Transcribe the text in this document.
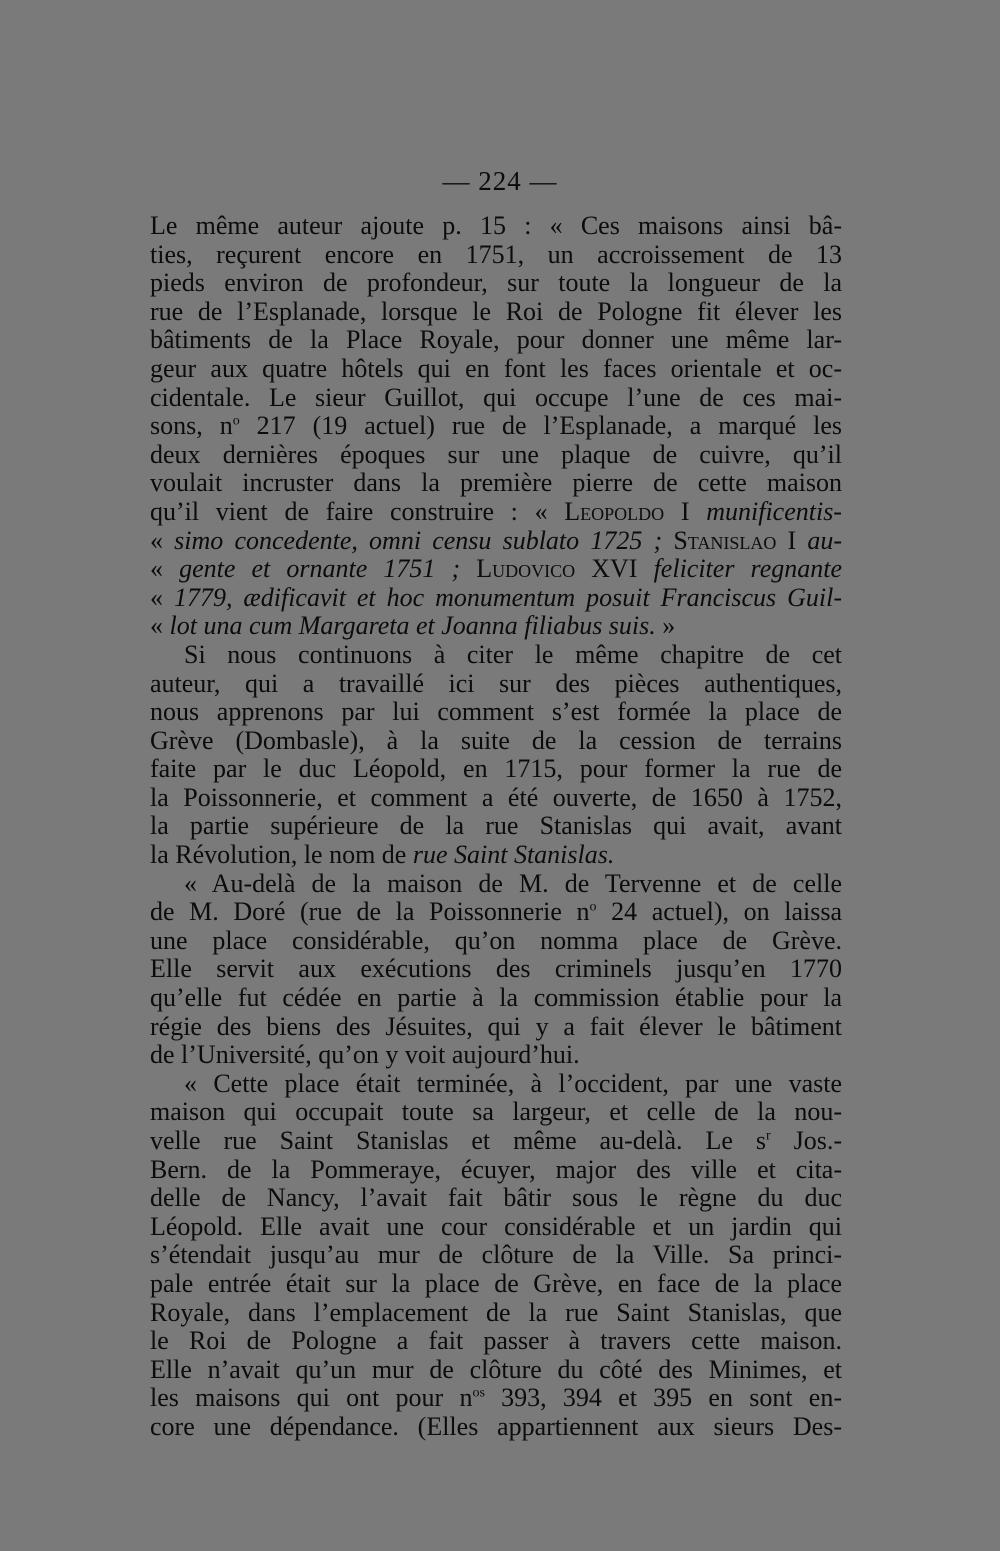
— 224 —
Le même auteur ajoute p. 15 : « Ces maisons ainsi bâ-
ties, reçurent encore en 1751, un accroissement de 13
pieds environ de profondeur, sur toute la longueur de la
rue de l’Esplanade, lorsque le Roi de Pologne fit élever les
bâtiments de la Place Royale, pour donner une même lar-
geur aux quatre hôtels qui en font les faces orientale et oc-
cidentale. Le sieur Guillot, qui occupe l’une de ces mai-
sons, $n^o$ 217 (19 actuel) rue de l’Esplanade, a marqué les
deux dernières époques sur une plaque de cuivre, qu’il
voulait incruster dans la première pierre de cette maison
qu’il vient de faire construire : « Leopoldo I munificentis-
« simo concedente, omni censu sublato 1725 ; Stanislao I au-
« gente et ornante 1751 ; Ludovico XVI feliciter regnante
« 1779, ædificavit et hoc monumentum posuit Franciscus Guil-
« lot una cum Margareta et Joanna filiabus suis. »
Si nous continuons à citer le même chapitre de cet
auteur, qui a travaillé ici sur des pièces authentiques,
nous apprenons par lui comment s’est formée la place de
Grève (Dombasle), à la suite de la cession de terrains
faite par le duc Léopold, en 1715, pour former la rue de
la Poissonnerie, et comment a été ouverte, de 1650 à 1752,
la partie supérieure de la rue Stanislas qui avait, avant
la Révolution, le nom de rue Saint Stanislas.
« Au-delà de la maison de M. de Tervenne et de celle
de M. Doré (rue de la Poissonnerie $n^o$ 24 actuel), on laissa
une place considérable, qu’on nomma place de Grève.
Elle servit aux exécutions des criminels jusqu’en 1770
qu’elle fut cédée en partie à la commission établie pour la
régie des biens des Jésuites, qui y a fait élever le bâtiment
de l’Université, qu’on y voit aujourd’hui.
« Cette place était terminée, à l’occident, par une vaste
maison qui occupait toute sa largeur, et celle de la nou-
velle rue Saint Stanislas et même au-delà. Le $s^r$ Jos.-
Bern. de la Pommeraye, écuyer, major des ville et cita-
delle de Nancy, l’avait fait bâtir sous le règne du duc
Léopold. Elle avait une cour considérable et un jardin qui
s’étendait jusqu’au mur de clôture de la Ville. Sa princi-
pale entrée était sur la place de Grève, en face de la place
Royale, dans l’emplacement de la rue Saint Stanislas, que
le Roi de Pologne a fait passer à travers cette maison.
Elle n’avait qu’un mur de clôture du côté des Minimes, et
les maisons qui ont pour $n^{os}$ 393, 394 et 395 en sont en-
core une dépendance. (Elles appartiennent aux sieurs Des-
